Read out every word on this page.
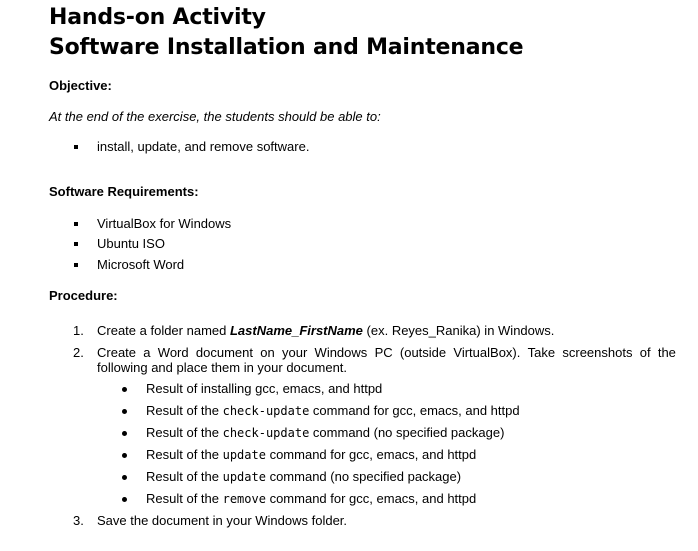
Hands-on Activity
Software Installation and Maintenance
Objective:
At the end of the exercise, the students should be able to:
install, update, and remove software.
Software Requirements:
VirtualBox for Windows
Ubuntu ISO
Microsoft Word
Procedure:
1. Create a folder named LastName_FirstName (ex. Reyes_Ranika) in Windows.
2. Create a Word document on your Windows PC (outside VirtualBox). Take screenshots of the
following and place them in your document.
Result of installing gcc, emacs, and httpd
Result of the check-update command for gcc, emacs, and httpd
Result of the check-update command (no specified package)
Result of the update command for gcc, emacs, and httpd
Result of the update command (no specified package)
Result of the remove command for gcc, emacs, and httpd
3. Save the document in your Windows folder.
